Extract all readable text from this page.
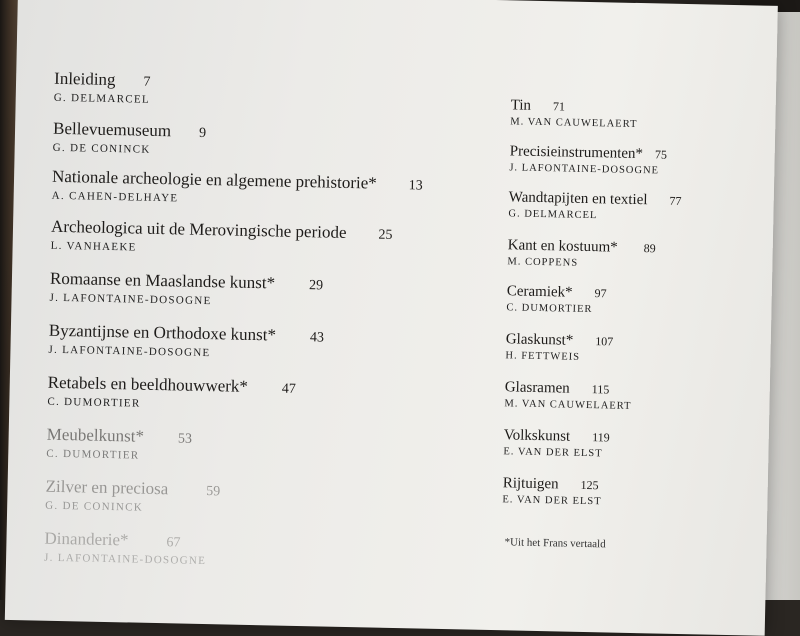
Inleiding 7
G. DELMARCEL
Bellevuemuseum 9
G. DE CONINCK
Nationale archeologie en algemene prehistorie* 13
A. CAHEN-DELHAYE
Archeologica uit de Merovingische periode 25
L. VANHAEKE
Romaanse en Maaslandse kunst* 29
J. LAFONTAINE-DOSOGNE
Byzantijnse en Orthodoxe kunst* 43
J. LAFONTAINE-DOSOGNE
Retabels en beeldhouwwerk* 47
C. DUMORTIER
Meubelkunst* 53
C. DUMORTIER
Zilver en preciosa	59
G. DE CONINCK
Dinanderie*	67
J. LAFONTAINE-DOSOGNE
Tin 71
M. VAN CAUWELAERT
Precisieinstrumenten* 75
J. LAFONTAINE-DOSOGNE
Wandtapijten en textiel 77
G. DELMARCEL
Kant en kostuum* 89
M. COPPENS
Ceramiek* 97
C. DUMORTIER
Glaskunst* 107
H. FETTWEIS
Glasramen 115
M. VAN CAUWELAERT
Volkskunst 119
E. VAN DER ELST
Rijtuigen 125
E. VAN DER ELST
*Uit het Frans vertaald
